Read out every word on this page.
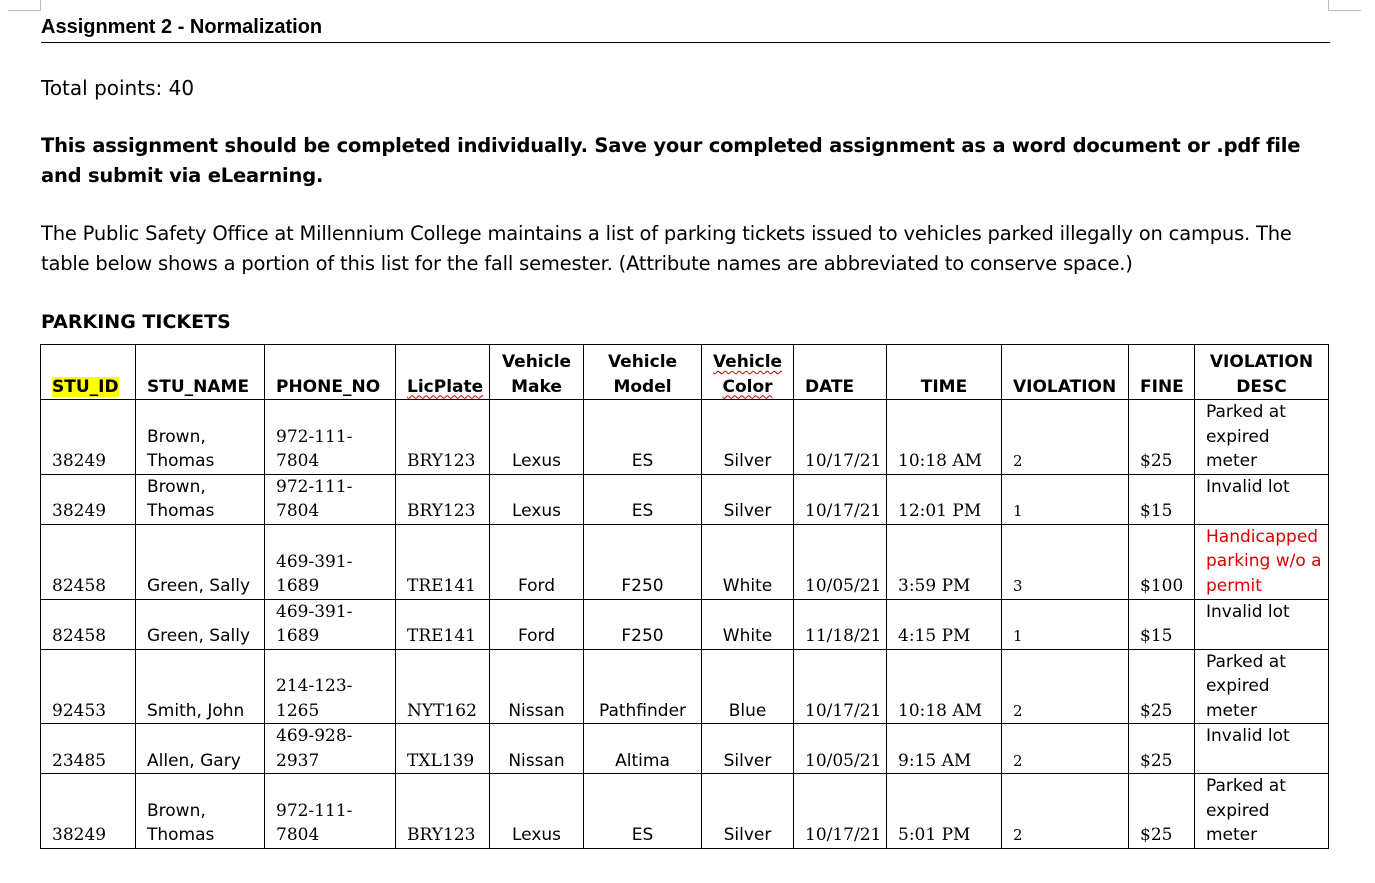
Assignment 2 - Normalization
Total points: 40
This assignment should be completed individually. Save your completed assignment as a word document or .pdf file and submit via eLearning.
The Public Safety Office at Millennium College maintains a list of parking tickets issued to vehicles parked illegally on campus. The table below shows a portion of this list for the fall semester. (Attribute names are abbreviated to conserve space.)
PARKING TICKETS
STU_ID	STU_NAME	PHONE_NO	LicPlate	Vehicle Make	Vehicle Model	Vehicle Color	DATE	TIME	VIOLATION	FINE	VIOLATION DESC
38249	Brown, Thomas	972-111-7804	BRY123	Lexus	ES	Silver	10/17/21	10:18 AM	2	$25	Parked at expired meter
38249	Brown, Thomas	972-111-7804	BRY123	Lexus	ES	Silver	10/17/21	12:01 PM	1	$15	Invalid lot
82458	Green, Sally	469-391-1689	TRE141	Ford	F250	White	10/05/21	3:59 PM	3	$100	Handicapped parking w/o a permit
82458	Green, Sally	469-391-1689	TRE141	Ford	F250	White	11/18/21	4:15 PM	1	$15	Invalid lot
92453	Smith, John	214-123-1265	NYT162	Nissan	Pathfinder	Blue	10/17/21	10:18 AM	2	$25	Parked at expired meter
23485	Allen, Gary	469-928-2937	TXL139	Nissan	Altima	Silver	10/05/21	9:15 AM	2	$25	Invalid lot
38249	Brown, Thomas	972-111-7804	BRY123	Lexus	ES	Silver	10/17/21	5:01 PM	2	$25	Parked at expired meter
